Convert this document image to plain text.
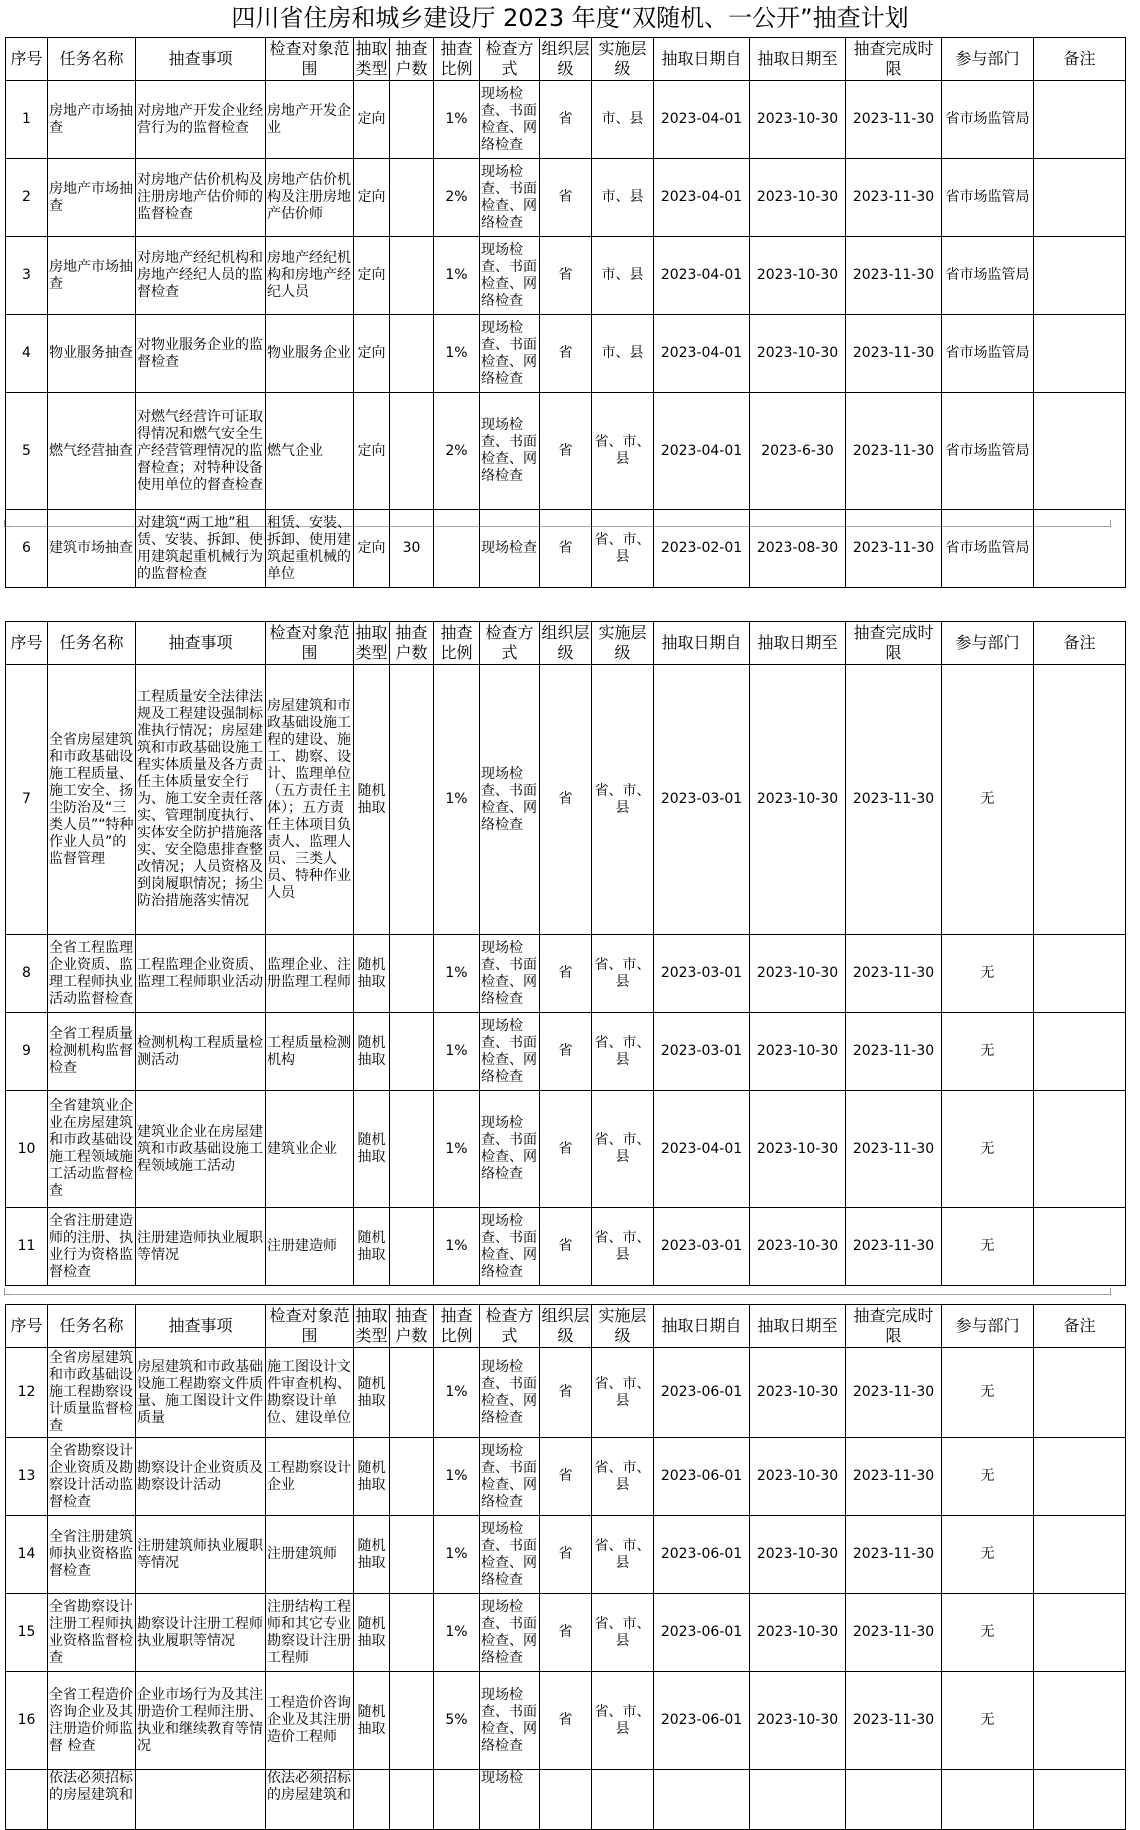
四川省住房和城乡建设厅 2023 年度“双随机、一公开”抽查计划
序号	任务名称	抽查事项	检查对象范围	抽取类型	抽查户数	抽查比例	检查方式	组织层级	实施层级	抽取日期自	抽取日期至	抽查完成时限	参与部门	备注
1	房地产市场抽查	对房地产开发企业经营行为的监督检查	房地产开发企业	定向		1%	现场检查、书面检查、网络检查	省	市、县	2023-04-01	2023-10-30	2023-11-30	省市场监管局	
2	房地产市场抽查	对房地产估价机构及注册房地产估价师的监督检查	房地产估价机构及注册房地产估价师	定向		2%	现场检查、书面检查、网络检查	省	市、县	2023-04-01	2023-10-30	2023-11-30	省市场监管局	
3	房地产市场抽查	对房地产经纪机构和房地产经纪人员的监督检查	房地产经纪机构和房地产经纪人员	定向		1%	现场检查、书面检查、网络检查	省	市、县	2023-04-01	2023-10-30	2023-11-30	省市场监管局	
4	物业服务抽查	对物业服务企业的监督检查	物业服务企业	定向		1%	现场检查、书面检查、网络检查	省	市、县	2023-04-01	2023-10-30	2023-11-30	省市场监管局	
5	燃气经营抽查	对燃气经营许可证取得情况和燃气安全生产经营管理情况的监督检查；对特种设备使用单位的督查检查	燃气企业	定向		2%	现场检查、书面检查、网络检查	省	省、市、县	2023-04-01	2023-6-30	2023-11-30	省市场监管局	
6	建筑市场抽查	对建筑“两工地”租赁、安装、拆卸、使用建筑起重机械行为的监督检查	租赁、安装、拆卸、使用建筑起重机械的单位	定向	30		现场检查	省	省、市、县	2023-02-01	2023-08-30	2023-11-30	省市场监管局	
序号	任务名称	抽查事项	检查对象范围	抽取类型	抽查户数	抽查比例	检查方式	组织层级	实施层级	抽取日期自	抽取日期至	抽查完成时限	参与部门	备注
7	全省房屋建筑和市政基础设施工程质量、施工安全、扬尘防治及“三类人员”“特种作业人员”的监督管理	工程质量安全法律法规及工程建设强制标准执行情况；房屋建筑和市政基础设施工程实体质量及各方责任主体质量安全行为、施工安全责任落实、管理制度执行、实体安全防护措施落实、安全隐患排查整改情况；人员资格及到岗履职情况；扬尘防治措施落实情况	房屋建筑和市政基础设施工程的建设、施工、勘察、设计、监理单位（五方责任主体）；五方责任主体项目负责人、监理人员、三类人员、特种作业人员	随机抽取		1%	现场检查、书面检查、网络检查	省	省、市、县	2023-03-01	2023-10-30	2023-11-30	无	
8	全省工程监理企业资质、监理工程师执业活动监督检查	工程监理企业资质、监理工程师职业活动	监理企业、注册监理工程师	随机抽取		1%	现场检查、书面检查、网络检查	省	省、市、县	2023-03-01	2023-10-30	2023-11-30	无	
9	全省工程质量检测机构监督检查	检测机构工程质量检测活动	工程质量检测机构	随机抽取		1%	现场检查、书面检查、网络检查	省	省、市、县	2023-03-01	2023-10-30	2023-11-30	无	
10	全省建筑业企业在房屋建筑和市政基础设施工程领域施工活动监督检查	建筑业企业在房屋建筑和市政基础设施工程领域施工活动	建筑业企业	随机抽取		1%	现场检查、书面检查、网络检查	省	省、市、县	2023-04-01	2023-10-30	2023-11-30	无	
11	全省注册建造师的注册、执业行为资格监督检查	注册建造师执业履职等情况	注册建造师	随机抽取		1%	现场检查、书面检查、网络检查	省	省、市、县	2023-03-01	2023-10-30	2023-11-30	无	
序号	任务名称	抽查事项	检查对象范围	抽取类型	抽查户数	抽查比例	检查方式	组织层级	实施层级	抽取日期自	抽取日期至	抽查完成时限	参与部门	备注
12	全省房屋建筑和市政基础设施工程勘察设计质量监督检查	房屋建筑和市政基础设施工程勘察文件质量、施工图设计文件质量	施工图设计文件审查机构、勘察设计单位、建设单位	随机抽取		1%	现场检查、书面检查、网络检查	省	省、市、县	2023-06-01	2023-10-30	2023-11-30	无	
13	全省勘察设计企业资质及勘察设计活动监督检查	勘察设计企业资质及勘察设计活动	工程勘察设计企业	随机抽取		1%	现场检查、书面检查、网络检查	省	省、市、县	2023-06-01	2023-10-30	2023-11-30	无	
14	全省注册建筑师执业资格监督检查	注册建筑师执业履职等情况	注册建筑师	随机抽取		1%	现场检查、书面检查、网络检查	省	省、市、县	2023-06-01	2023-10-30	2023-11-30	无	
15	全省勘察设计注册工程师执业资格监督检查	勘察设计注册工程师执业履职等情况	注册结构工程师和其它专业勘察设计注册工程师	随机抽取		1%	现场检查、书面检查、网络检查	省	省、市、县	2023-06-01	2023-10-30	2023-11-30	无	
16	全省工程造价咨询企业及其注册造价师监督 检查	企业市场行为及其注册造价工程师注册、执业和继续教育等情况	工程造价咨询企业及其注册造价工程师	随机抽取		5%	现场检查、书面检查、网络检查	省	省、市、县	2023-06-01	2023-10-30	2023-11-30	无	
	依法必须招标的房屋建筑和		依法必须招标的房屋建筑和				现场检							
